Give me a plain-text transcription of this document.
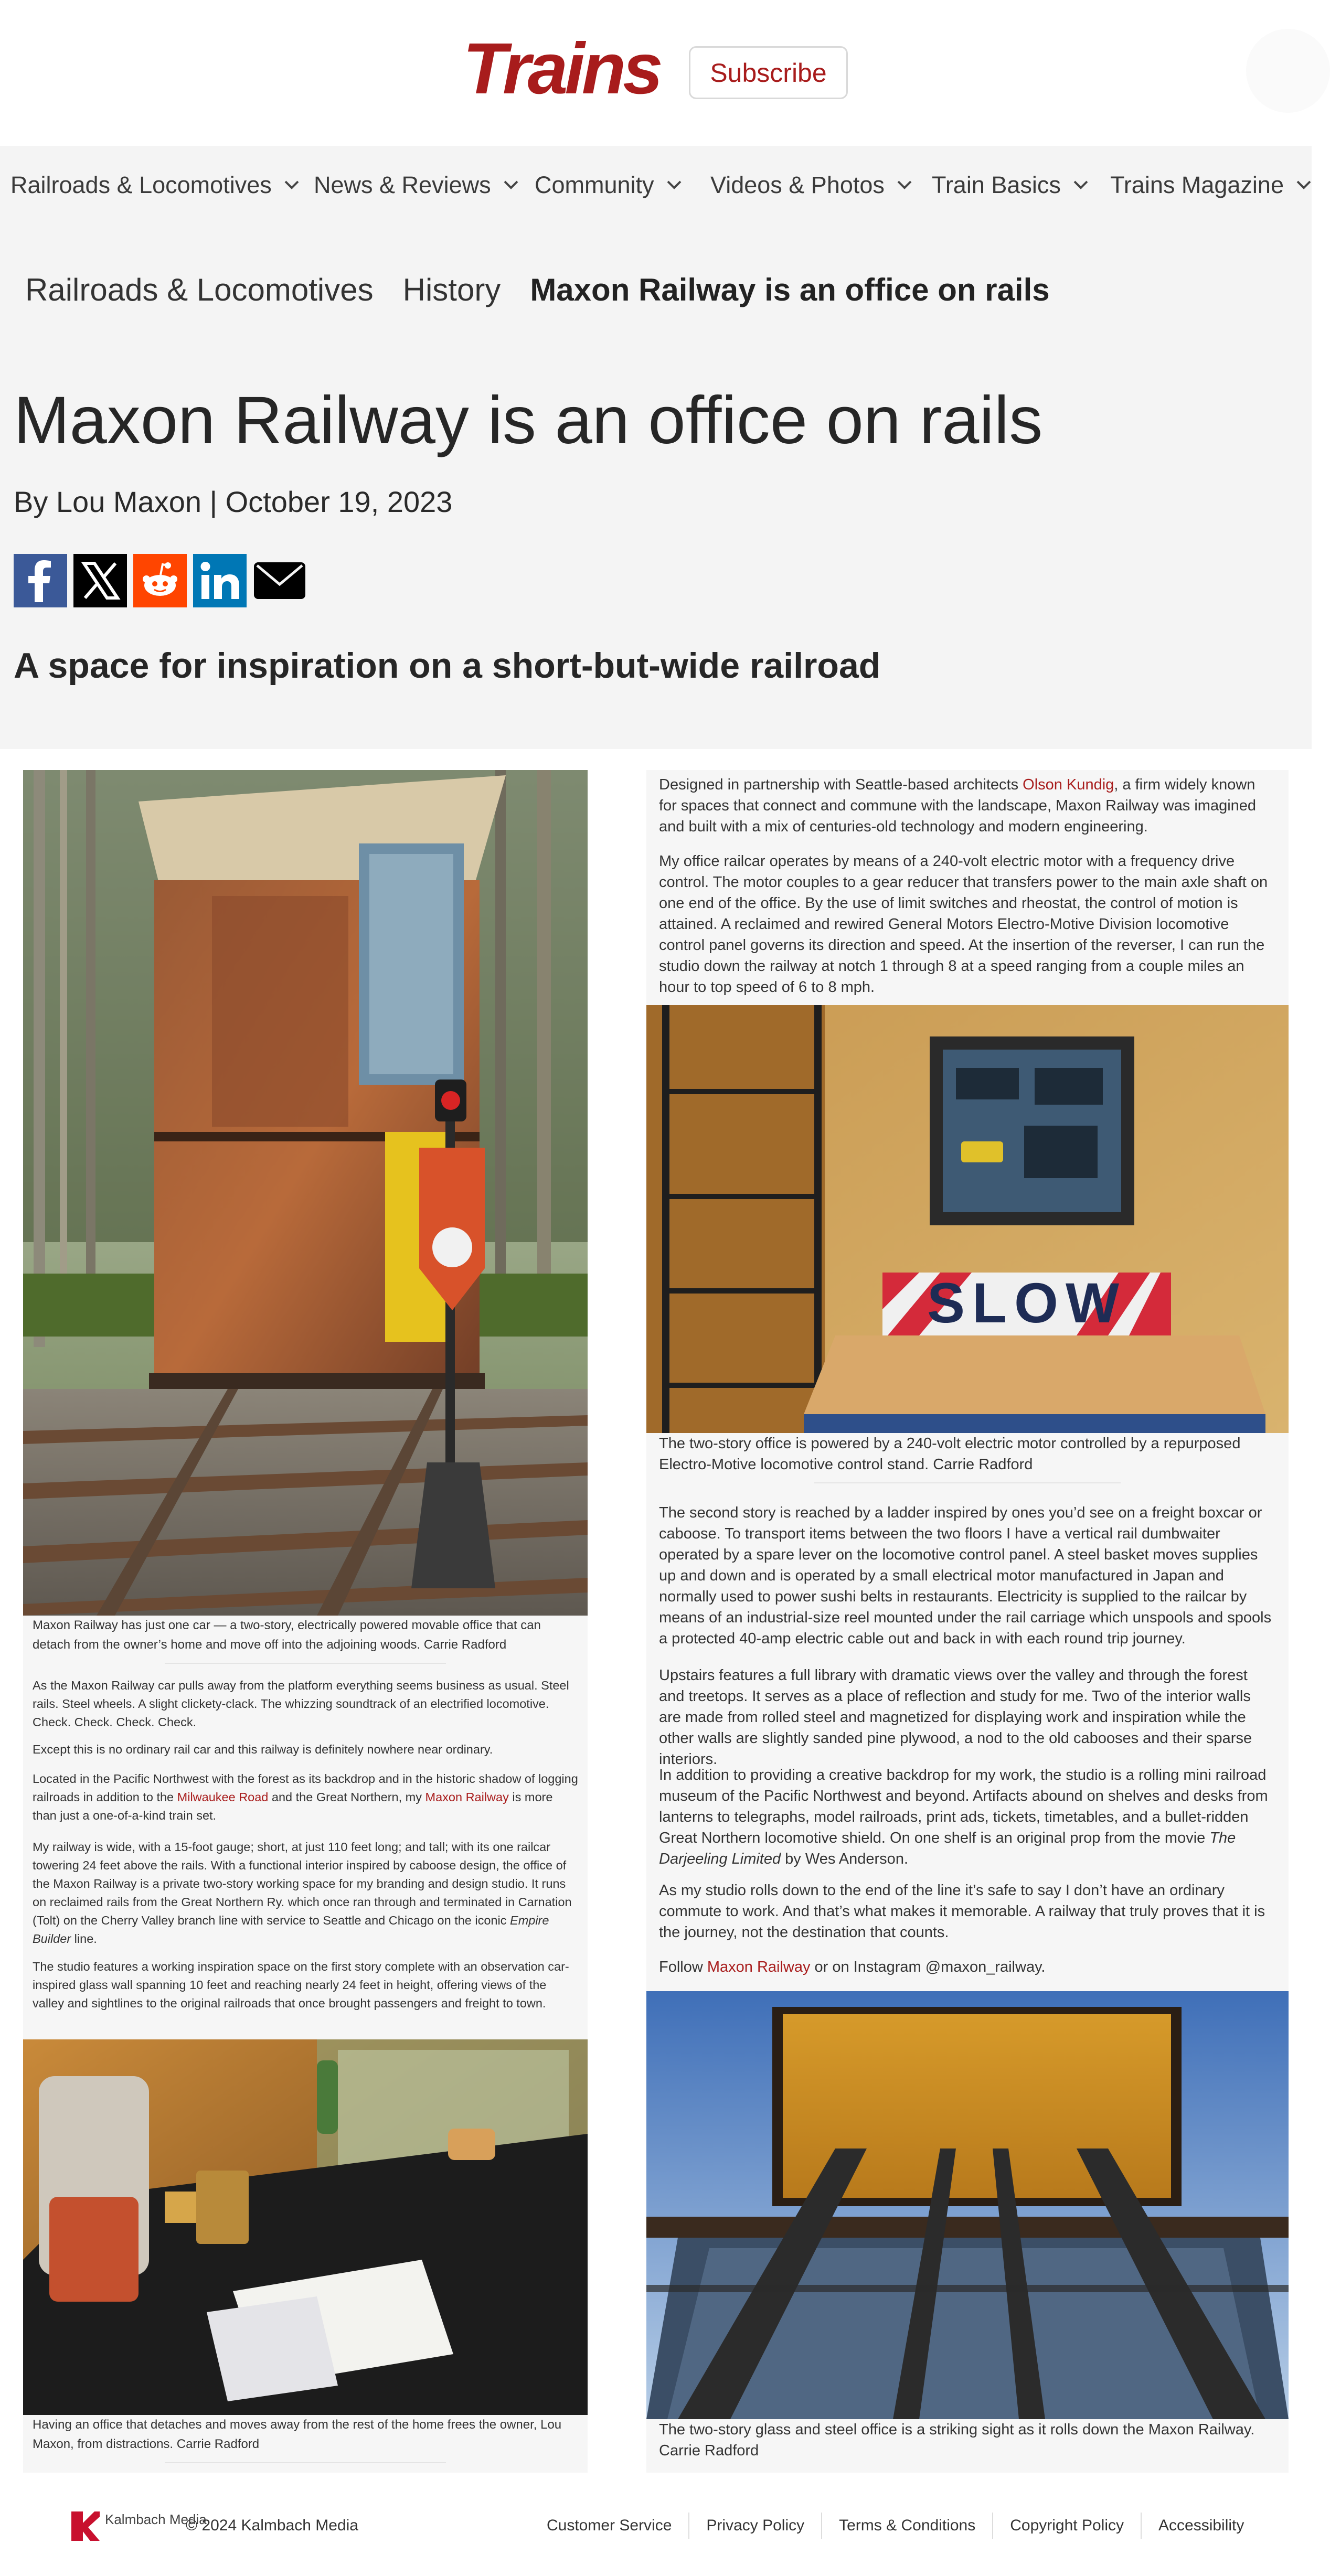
Trains	Subscribe
Railroads & Locomotives News & Reviews Community Videos & Photos Train Basics Trains Magazine
Railroads & Locomotives History Maxon Railway is an office on rails
Maxon Railway is an office on rails
By Lou Maxon | October 19, 2023
A space for inspiration on a short-but-wide railroad
Maxon Railway has just one car — a two-story, electrically powered movable office that can detach from the owner’s home and move off into the adjoining woods. Carrie Radford
As the Maxon Railway car pulls away from the platform everything seems business as usual. Steel rails. Steel wheels. A slight clickety-clack. The whizzing soundtrack of an electrified locomotive. Check. Check. Check. Check.
Except this is no ordinary rail car and this railway is definitely nowhere near ordinary.
Located in the Pacific Northwest with the forest as its backdrop and in the historic shadow of logging railroads in addition to the Milwaukee Road and the Great Northern, my Maxon Railway is more than just a one-of-a-kind train set.
My railway is wide, with a 15-foot gauge; short, at just 110 feet long; and tall; with its one railcar towering 24 feet above the rails. With a functional interior inspired by caboose design, the office of the Maxon Railway is a private two-story working space for my branding and design studio. It runs on reclaimed rails from the Great Northern Ry. which once ran through and terminated in Carnation (Tolt) on the Cherry Valley branch line with service to Seattle and Chicago on the iconic Empire Builder line.
The studio features a working inspiration space on the first story complete with an observation car-inspired glass wall spanning 10 feet and reaching nearly 24 feet in height, offering views of the valley and sightlines to the original railroads that once brought passengers and freight to town.
Having an office that detaches and moves away from the rest of the home frees the owner, Lou Maxon, from distractions. Carrie Radford
Designed in partnership with Seattle-based architects Olson Kundig, a firm widely known for spaces that connect and commune with the landscape, Maxon Railway was imagined and built with a mix of centuries-old technology and modern engineering.
My office railcar operates by means of a 240-volt electric motor with a frequency drive control. The motor couples to a gear reducer that transfers power to the main axle shaft on one end of the office. By the use of limit switches and rheostat, the control of motion is attained. A reclaimed and rewired General Motors Electro-Motive Division locomotive control panel governs its direction and speed. At the insertion of the reverser, I can run the studio down the railway at notch 1 through 8 at a speed ranging from a couple miles an hour to top speed of 6 to 8 mph.
SLOW
The two-story office is powered by a 240-volt electric motor controlled by a repurposed Electro-Motive locomotive control stand. Carrie Radford
The second story is reached by a ladder inspired by ones you’d see on a freight boxcar or caboose. To transport items between the two floors I have a vertical rail dumbwaiter operated by a spare lever on the locomotive control panel. A steel basket moves supplies up and down and is operated by a small electrical motor manufactured in Japan and normally used to power sushi belts in restaurants. Electricity is supplied to the railcar by means of an industrial-size reel mounted under the rail carriage which unspools and spools a protected 40-amp electric cable out and back in with each round trip journey.
Upstairs features a full library with dramatic views over the valley and through the forest and treetops. It serves as a place of reflection and study for me. Two of the interior walls are made from rolled steel and magnetized for displaying work and inspiration while the other walls are slightly sanded pine plywood, a nod to the old cabooses and their sparse interiors.
In addition to providing a creative backdrop for my work, the studio is a rolling mini railroad museum of the Pacific Northwest and beyond. Artifacts abound on shelves and desks from lanterns to telegraphs, model railroads, print ads, tickets, timetables, and a bullet-ridden Great Northern locomotive shield. On one shelf is an original prop from the movie The Darjeeling Limited by Wes Anderson.
As my studio rolls down to the end of the line it’s safe to say I don’t have an ordinary commute to work. And that’s what makes it memorable. A railway that truly proves that it is the journey, not the destination that counts.
Follow Maxon Railway or on Instagram @maxon_railway.
The two-story glass and steel office is a striking sight as it rolls down the Maxon Railway. Carrie Radford
Kalmbach Media
© 2024 Kalmbach Media	Customer Service	Privacy Policy	Terms & Conditions	Copyright Policy	Accessibility
